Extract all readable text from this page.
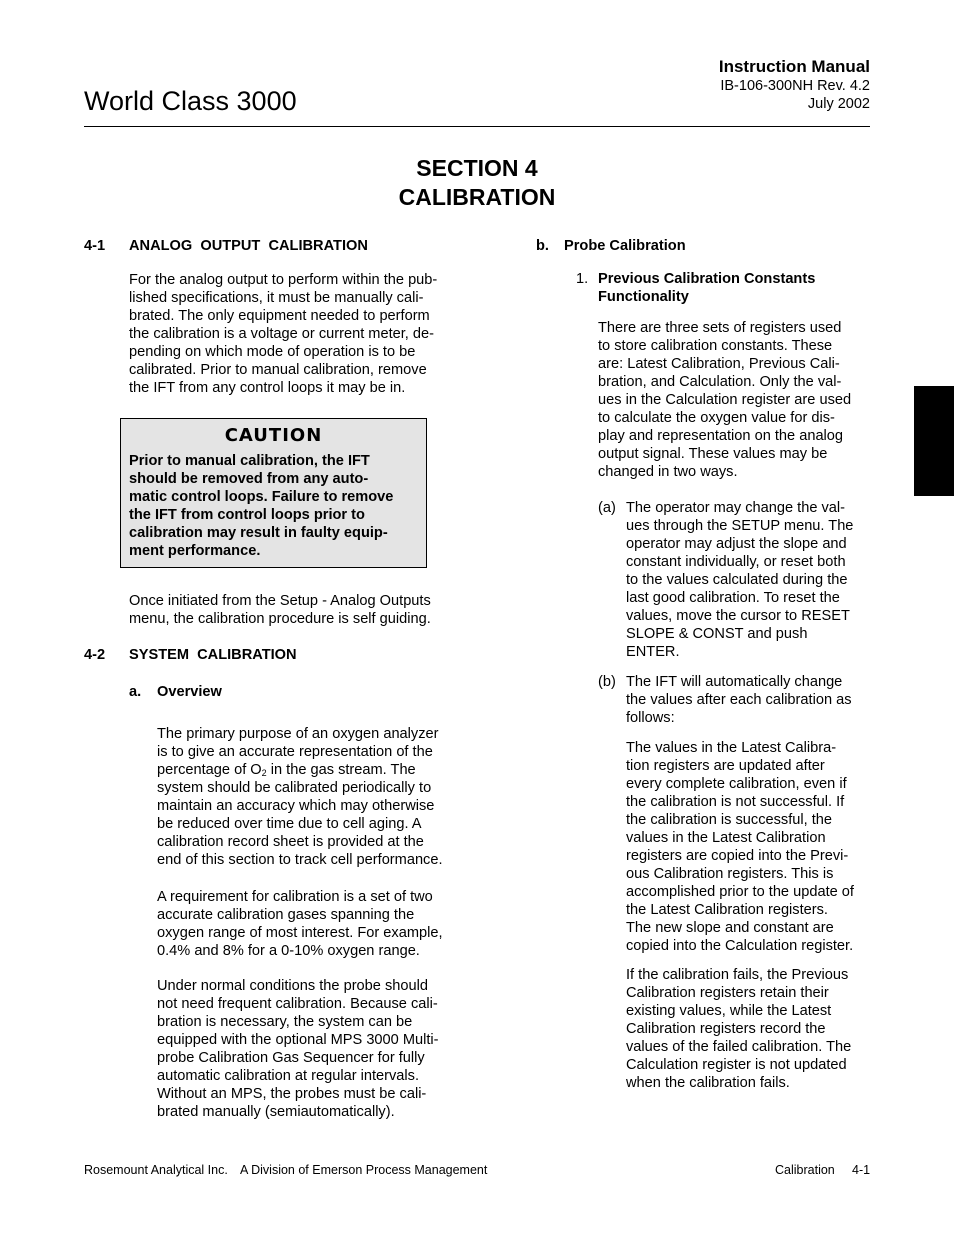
World Class 3000
Instruction Manual
IB-106-300NH Rev. 4.2
July 2002
SECTION 4
CALIBRATION
4-1 ANALOG  OUTPUT  CALIBRATION
For the analog output to perform within the pub-
lished specifications, it must be manually cali-
brated. The only equipment needed to perform
the calibration is a voltage or current meter, de-
pending on which mode of operation is to be
calibrated. Prior to manual calibration, remove
the IFT from any control loops it may be in.
CAUTION
Prior to manual calibration, the IFT
should be removed from any auto-
matic control loops. Failure to remove
the IFT from control loops prior to
calibration may result in faulty equip-
ment performance.
Once initiated from the Setup - Analog Outputs
menu, the calibration procedure is self guiding.
4-2 SYSTEM  CALIBRATION
a. Overview
The primary purpose of an oxygen analyzer
is to give an accurate representation of the
percentage of $O_2$ in the gas stream. The
system should be calibrated periodically to
maintain an accuracy which may otherwise
be reduced over time due to cell aging. A
calibration record sheet is provided at the
end of this section to track cell performance.
A requirement for calibration is a set of two
accurate calibration gases spanning the
oxygen range of most interest. For example,
0.4% and 8% for a 0-10% oxygen range.
Under normal conditions the probe should
not need frequent calibration. Because cali-
bration is necessary, the system can be
equipped with the optional MPS 3000 Multi-
probe Calibration Gas Sequencer for fully
automatic calibration at regular intervals.
Without an MPS, the probes must be cali-
brated manually (semiautomatically).
b. Probe Calibration
1. Previous Calibration Constants
Functionality
There are three sets of registers used
to store calibration constants. These
are: Latest Calibration, Previous Cali-
bration, and Calculation. Only the val-
ues in the Calculation register are used
to calculate the oxygen value for dis-
play and representation on the analog
output signal. These values may be
changed in two ways.
(a) The operator may change the val-
ues through the SETUP menu. The
operator may adjust the slope and
constant individually, or reset both
to the values calculated during the
last good calibration. To reset the
values, move the cursor to RESET
SLOPE & CONST and push
ENTER.
(b) The IFT will automatically change
the values after each calibration as
follows:
The values in the Latest Calibra-
tion registers are updated after
every complete calibration, even if
the calibration is not successful. If
the calibration is successful, the
values in the Latest Calibration
registers are copied into the Previ-
ous Calibration registers. This is
accomplished prior to the update of
the Latest Calibration registers.
The new slope and constant are
copied into the Calculation register.
If the calibration fails, the Previous
Calibration registers retain their
existing values, while the Latest
Calibration registers record the
values of the failed calibration. The
Calculation register is not updated
when the calibration fails.
Rosemount Analytical Inc. A Division of Emerson Process Management	Calibration 4-1
